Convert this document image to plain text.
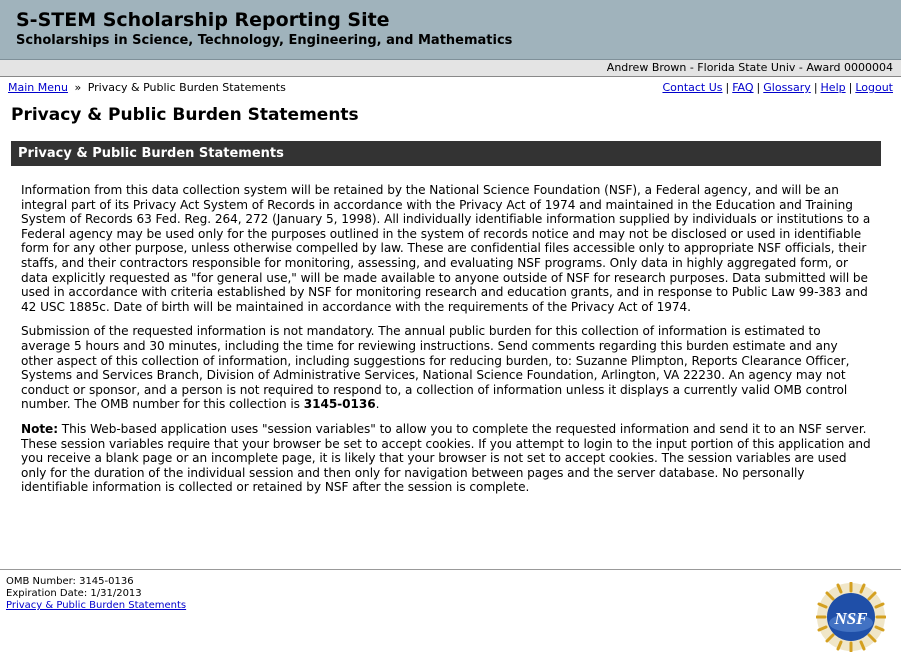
S-STEM Scholarship Reporting Site
Scholarships in Science, Technology, Engineering, and Mathematics
Andrew Brown - Florida State Univ - Award 0000004
Main Menu » Privacy & Public Burden Statements	Contact Us | FAQ | Glossary | Help | Logout
Privacy & Public Burden Statements
Privacy & Public Burden Statements

Information from this data collection system will be retained by the National Science Foundation (NSF), a Federal agency, and will be an integral part of its Privacy Act System of Records in accordance with the Privacy Act of 1974 and maintained in the Education and Training System of Records 63 Fed. Reg. 264, 272 (January 5, 1998). All individually identifiable information supplied by individuals or institutions to a Federal agency may be used only for the purposes outlined in the system of records notice and may not be disclosed or used in identifiable form for any other purpose, unless otherwise compelled by law. These are confidential files accessible only to appropriate NSF officials, their staffs, and their contractors responsible for monitoring, assessing, and evaluating NSF programs. Only data in highly aggregated form, or data explicitly requested as "for general use," will be made available to anyone outside of NSF for research purposes. Data submitted will be used in accordance with criteria established by NSF for monitoring research and education grants, and in response to Public Law 99-383 and 42 USC 1885c. Date of birth will be maintained in accordance with the requirements of the Privacy Act of 1974.

Submission of the requested information is not mandatory. The annual public burden for this collection of information is estimated to average 5 hours and 30 minutes, including the time for reviewing instructions. Send comments regarding this burden estimate and any other aspect of this collection of information, including suggestions for reducing burden, to: Suzanne Plimpton, Reports Clearance Officer, Systems and Services Branch, Division of Administrative Services, National Science Foundation, Arlington, VA 22230. An agency may not conduct or sponsor, and a person is not required to respond to, a collection of information unless it displays a currently valid OMB control number. The OMB number for this collection is 3145-0136.

Note: This Web-based application uses "session variables" to allow you to complete the requested information and send it to an NSF server. These session variables require that your browser be set to accept cookies. If you attempt to login to the input portion of this application and you receive a blank page or an incomplete page, it is likely that your browser is not set to accept cookies. The session variables are used only for the duration of the individual session and then only for navigation between pages and the server database. No personally identifiable information is collected or retained by NSF after the session is complete.

OMB Number: 3145-0136
Expiration Date: 1/31/2013
Privacy & Public Burden Statements
NSF
